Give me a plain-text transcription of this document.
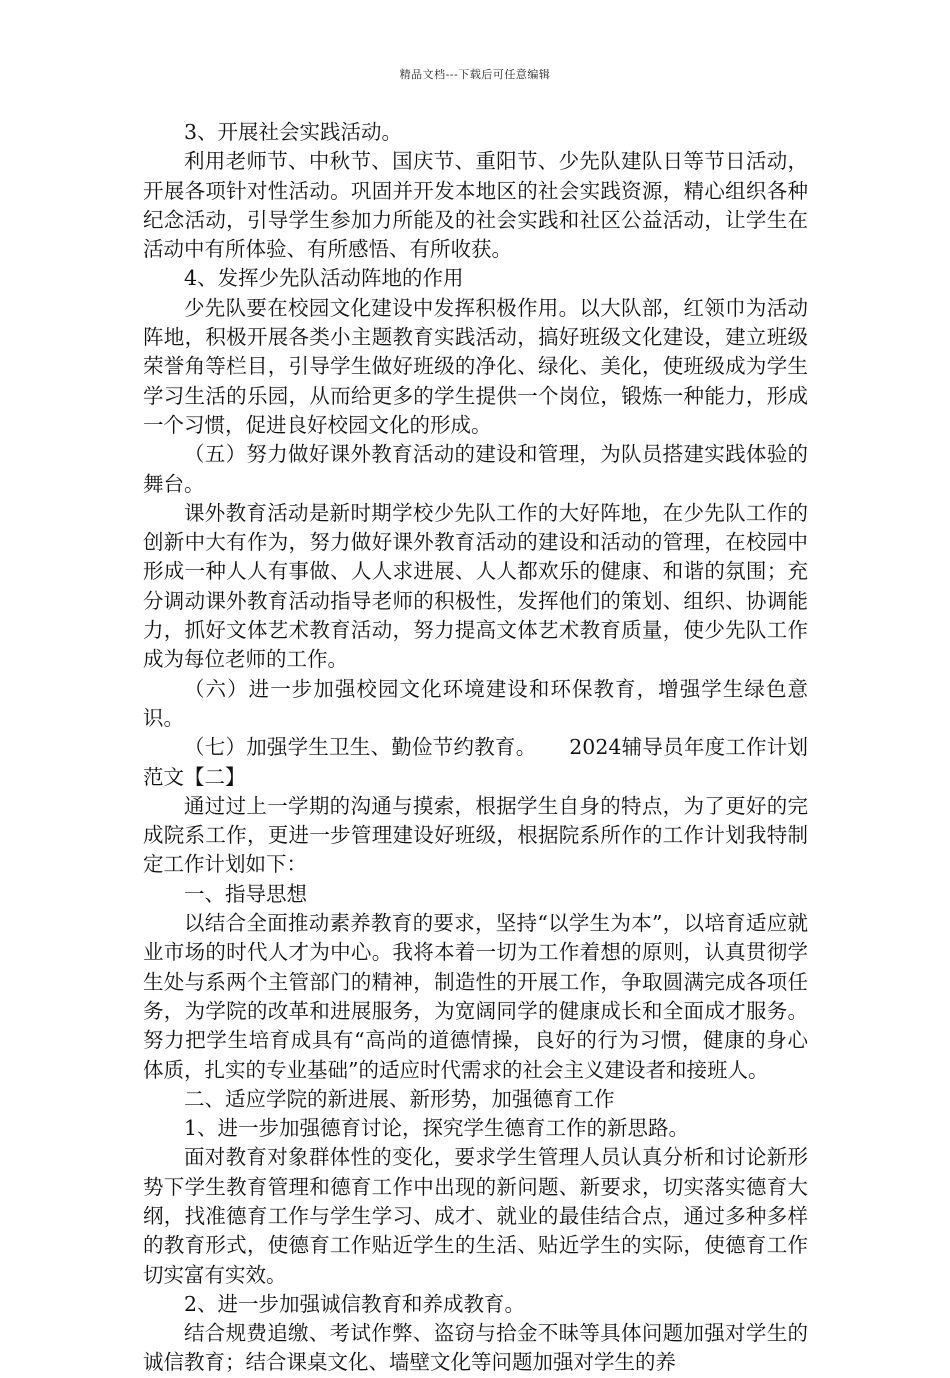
精品文档---下载后可任意编辑

3、开展社会实践活动。

利用老师节、中秋节、国庆节、重阳节、少先队建队日等节日活动，开展各项针对性活动。巩固并开发本地区的社会实践资源，精心组织各种纪念活动，引导学生参加力所能及的社会实践和社区公益活动，让学生在活动中有所体验、有所感悟、有所收获。

4、发挥少先队活动阵地的作用

少先队要在校园文化建设中发挥积极作用。以大队部，红领巾为活动阵地，积极开展各类小主题教育实践活动，搞好班级文化建设，建立班级荣誉角等栏目，引导学生做好班级的净化、绿化、美化，使班级成为学生学习生活的乐园，从而给更多的学生提供一个岗位，锻炼一种能力，形成一个习惯，促进良好校园文化的形成。

（五）努力做好课外教育活动的建设和管理，为队员搭建实践体验的舞台。

课外教育活动是新时期学校少先队工作的大好阵地，在少先队工作的创新中大有作为，努力做好课外教育活动的建设和活动的管理，在校园中形成一种人人有事做、人人求进展、人人都欢乐的健康、和谐的氛围；充分调动课外教育活动指导老师的积极性，发挥他们的策划、组织、协调能力，抓好文体艺术教育活动，努力提高文体艺术教育质量，使少先队工作成为每位老师的工作。

（六）进一步加强校园文化环境建设和环保教育，增强学生绿色意识。

（七）加强学生卫生、勤俭节约教育。 2024辅导员年度工作计划范文【二】

通过过上一学期的沟通与摸索，根据学生自身的特点，为了更好的完成院系工作，更进一步管理建设好班级，根据院系所作的工作计划我特制定工作计划如下：

一、指导思想

以结合全面推动素养教育的要求，坚持“以学生为本”，以培育适应就业市场的时代人才为中心。我将本着一切为工作着想的原则，认真贯彻学生处与系两个主管部门的精神，制造性的开展工作，争取圆满完成各项任务，为学院的改革和进展服务，为宽阔同学的健康成长和全面成才服务。努力把学生培育成具有“高尚的道德情操，良好的行为习惯，健康的身心体质，扎实的专业基础”的适应时代需求的社会主义建设者和接班人。

二、适应学院的新进展、新形势，加强德育工作

1、进一步加强德育讨论，探究学生德育工作的新思路。

面对教育对象群体性的变化，要求学生管理人员认真分析和讨论新形势下学生教育管理和德育工作中出现的新问题、新要求，切实落实德育大纲，找准德育工作与学生学习、成才、就业的最佳结合点，通过多种多样的教育形式，使德育工作贴近学生的生活、贴近学生的实际，使德育工作切实富有实效。

2、进一步加强诚信教育和养成教育。

结合规费追缴、考试作弊、盗窃与拾金不昧等具体问题加强对学生的诚信教育；结合课桌文化、墙壁文化等问题加强对学生的养
